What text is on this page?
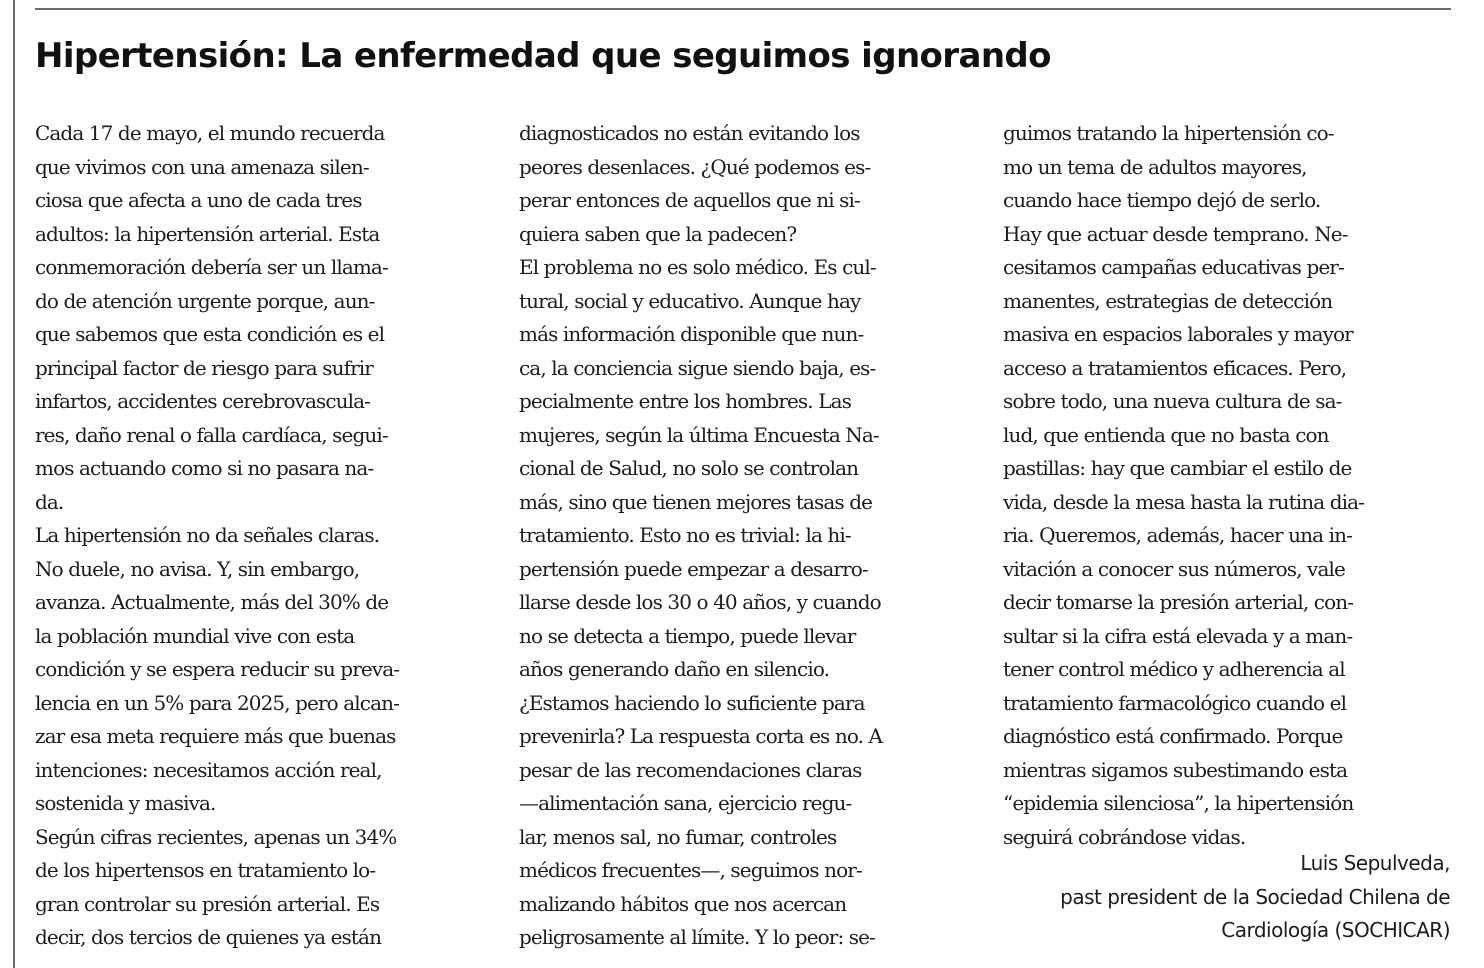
Hipertensión: La enfermedad que seguimos ignorando
Cada 17 de mayo, el mundo recuerda
que vivimos con una amenaza silen-
ciosa que afecta a uno de cada tres
adultos: la hipertensión arterial. Esta
conmemoración debería ser un llama-
do de atención urgente porque, aun-
que sabemos que esta condición es el
principal factor de riesgo para sufrir
infartos, accidentes cerebrovascula-
res, daño renal o falla cardíaca, segui-
mos actuando como si no pasara na-
da.
La hipertensión no da señales claras.
No duele, no avisa. Y, sin embargo,
avanza. Actualmente, más del 30% de
la población mundial vive con esta
condición y se espera reducir su preva-
lencia en un 5% para 2025, pero alcan-
zar esa meta requiere más que buenas
intenciones: necesitamos acción real,
sostenida y masiva.
Según cifras recientes, apenas un 34%
de los hipertensos en tratamiento lo-
gran controlar su presión arterial. Es
decir, dos tercios de quienes ya están
diagnosticados no están evitando los
peores desenlaces. ¿Qué podemos es-
perar entonces de aquellos que ni si-
quiera saben que la padecen?
El problema no es solo médico. Es cul-
tural, social y educativo. Aunque hay
más información disponible que nun-
ca, la conciencia sigue siendo baja, es-
pecialmente entre los hombres. Las
mujeres, según la última Encuesta Na-
cional de Salud, no solo se controlan
más, sino que tienen mejores tasas de
tratamiento. Esto no es trivial: la hi-
pertensión puede empezar a desarro-
llarse desde los 30 o 40 años, y cuando
no se detecta a tiempo, puede llevar
años generando daño en silencio.
¿Estamos haciendo lo suficiente para
prevenirla? La respuesta corta es no. A
pesar de las recomendaciones claras
—alimentación sana, ejercicio regu-
lar, menos sal, no fumar, controles
médicos frecuentes—, seguimos nor-
malizando hábitos que nos acercan
peligrosamente al límite. Y lo peor: se-
guimos tratando la hipertensión co-
mo un tema de adultos mayores,
cuando hace tiempo dejó de serlo.
Hay que actuar desde temprano. Ne-
cesitamos campañas educativas per-
manentes, estrategias de detección
masiva en espacios laborales y mayor
acceso a tratamientos eficaces. Pero,
sobre todo, una nueva cultura de sa-
lud, que entienda que no basta con
pastillas: hay que cambiar el estilo de
vida, desde la mesa hasta la rutina dia-
ria. Queremos, además, hacer una in-
vitación a conocer sus números, vale
decir tomarse la presión arterial, con-
sultar si la cifra está elevada y a man-
tener control médico y adherencia al
tratamiento farmacológico cuando el
diagnóstico está confirmado. Porque
mientras sigamos subestimando esta
“epidemia silenciosa”, la hipertensión
seguirá cobrándose vidas.
Luis Sepulveda,
past president de la Sociedad Chilena de
Cardiología (SOCHICAR)
